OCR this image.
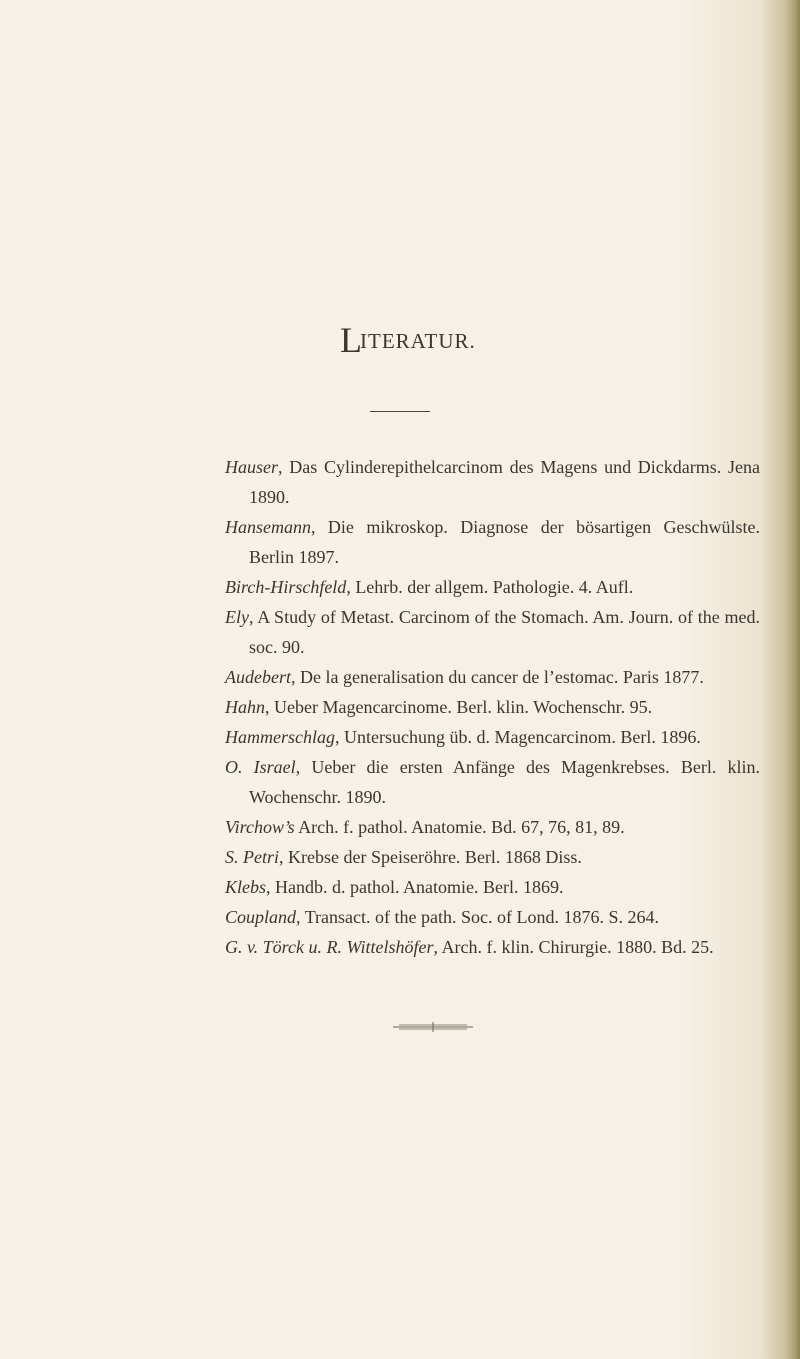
LITERATUR.
Hauser, Das Cylinderepithelcarcinom des Magens und Dickdarms. Jena 1890.
Hansemann, Die mikroskop. Diagnose der bösartigen Geschwülste. Berlin 1897.
Birch-Hirschfeld, Lehrb. der allgem. Pathologie. 4. Aufl.
Ely, A Study of Metast. Carcinom of the Stomach. Am. Journ. of the med. soc. 90.
Audebert, De la generalisation du cancer de l’estomac. Paris 1877.
Hahn, Ueber Magencarcinome. Berl. klin. Wochenschr. 95.
Hammerschlag, Untersuchung üb. d. Magencarcinom. Berl. 1896.
O. Israel, Ueber die ersten Anfänge des Magenkrebses. Berl. klin. Wochenschr. 1890.
Virchow’s Arch. f. pathol. Anatomie. Bd. 67, 76, 81, 89.
S. Petri, Krebse der Speiseröhre. Berl. 1868 Diss.
Klebs, Handb. d. pathol. Anatomie. Berl. 1869.
Coupland, Transact. of the path. Soc. of Lond. 1876. S. 264.
G. v. Törck u. R. Wittelshöfer, Arch. f. klin. Chirurgie. 1880. Bd. 25.
